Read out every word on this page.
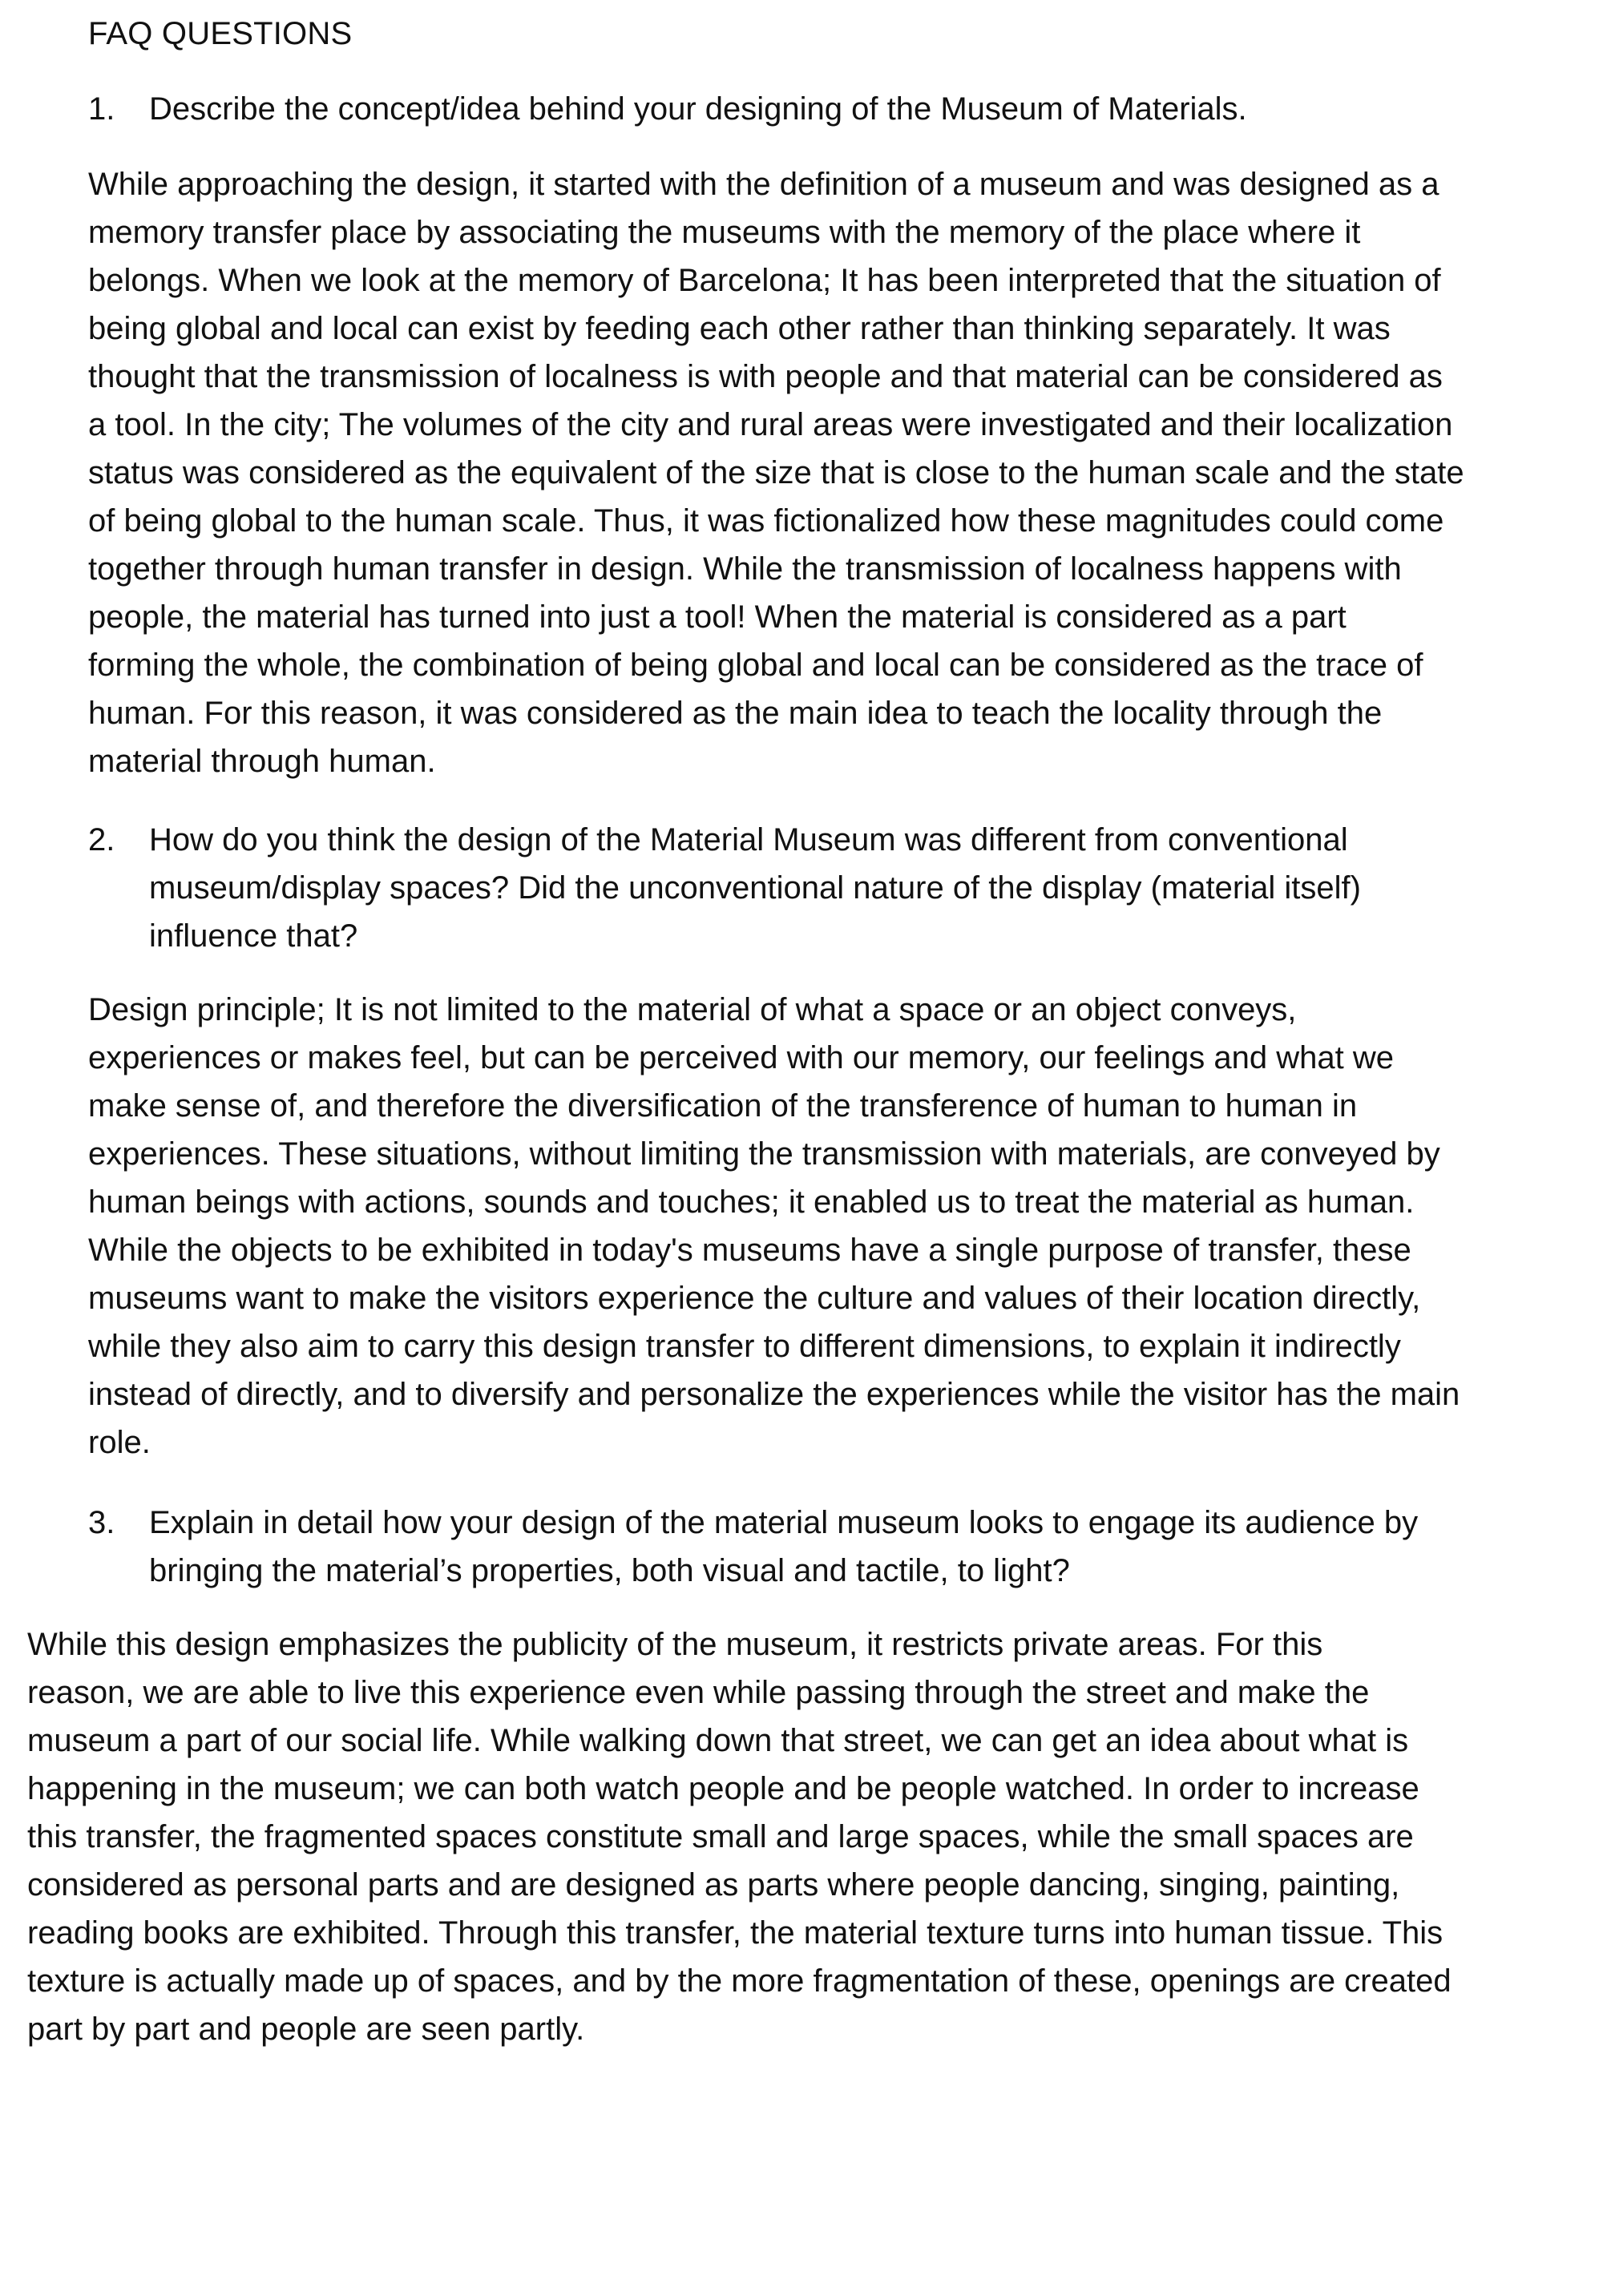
FAQ QUESTIONS
1. Describe the concept/idea behind your designing of the Museum of Materials.
While approaching the design, it started with the definition of a museum and was designed as a
memory transfer place by associating the museums with the memory of the place where it
belongs. When we look at the memory of Barcelona; It has been interpreted that the situation of
being global and local can exist by feeding each other rather than thinking separately. It was
thought that the transmission of localness is with people and that material can be considered as
a tool. In the city; The volumes of the city and rural areas were investigated and their localization
status was considered as the equivalent of the size that is close to the human scale and the state
of being global to the human scale. Thus, it was fictionalized how these magnitudes could come
together through human transfer in design. While the transmission of localness happens with
people, the material has turned into just a tool! When the material is considered as a part
forming the whole, the combination of being global and local can be considered as the trace of
human. For this reason, it was considered as the main idea to teach the locality through the
material through human.
2. How do you think the design of the Material Museum was different from conventional
museum/display spaces? Did the unconventional nature of the display (material itself)
influence that?
Design principle; It is not limited to the material of what a space or an object conveys,
experiences or makes feel, but can be perceived with our memory, our feelings and what we
make sense of, and therefore the diversification of the transference of human to human in
experiences. These situations, without limiting the transmission with materials, are conveyed by
human beings with actions, sounds and touches; it enabled us to treat the material as human.
While the objects to be exhibited in today's museums have a single purpose of transfer, these
museums want to make the visitors experience the culture and values of their location directly,
while they also aim to carry this design transfer to different dimensions, to explain it indirectly
instead of directly, and to diversify and personalize the experiences while the visitor has the main
role.
3. Explain in detail how your design of the material museum looks to engage its audience by
bringing the material’s properties, both visual and tactile, to light?
While this design emphasizes the publicity of the museum, it restricts private areas. For this
reason, we are able to live this experience even while passing through the street and make the
museum a part of our social life. While walking down that street, we can get an idea about what is
happening in the museum; we can both watch people and be people watched. In order to increase
this transfer, the fragmented spaces constitute small and large spaces, while the small spaces are
considered as personal parts and are designed as parts where people dancing, singing, painting,
reading books are exhibited. Through this transfer, the material texture turns into human tissue. This
texture is actually made up of spaces, and by the more fragmentation of these, openings are created
part by part and people are seen partly.
